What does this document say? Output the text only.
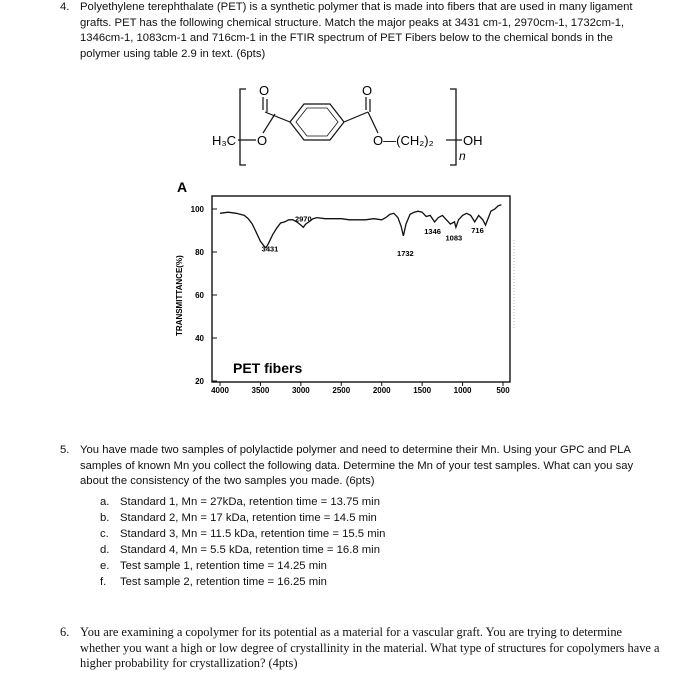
4. Polyethylene terephthalate (PET) is a synthetic polymer that is made into fibers that are used in many ligament grafts. PET has the following chemical structure. Match the major peaks at 3431 cm-1, 2970cm-1, 1732cm-1, 1346cm-1, 1083cm-1 and 716cm-1 in the FTIR spectrum of PET Fibers below to the chemical bonds in the polymer using table 2.9 in text. (6pts)
H₃C O
O	O
O—(CH₂)₂ OH
n
A
TRANSMITTANCE(%)
PET fibers
100
80
60
40
20
4000	3500	3000	2500	2000	1500	1000	500
3431
2970
1732
1346
1083
716
5. You have made two samples of polylactide polymer and need to determine their Mn. Using your GPC and PLA samples of known Mn you collect the following data. Determine the Mn of your test samples. What can you say about the consistency of the two samples you made. (6pts)
a. Standard 1, Mn = 27kDa, retention time = 13.75 min
b. Standard 2, Mn = 17 kDa, retention time = 14.5 min
c. Standard 3, Mn = 11.5 kDa, retention time = 15.5 min
d. Standard 4, Mn = 5.5 kDa, retention time = 16.8 min
e. Test sample 1, retention time = 14.25 min
f. Test sample 2, retention time = 16.25 min
6. You are examining a copolymer for its potential as a material for a vascular graft. You are trying to determine whether you want a high or low degree of crystallinity in the material. What type of structures for copolymers have a higher probability for crystallization? (4pts)
